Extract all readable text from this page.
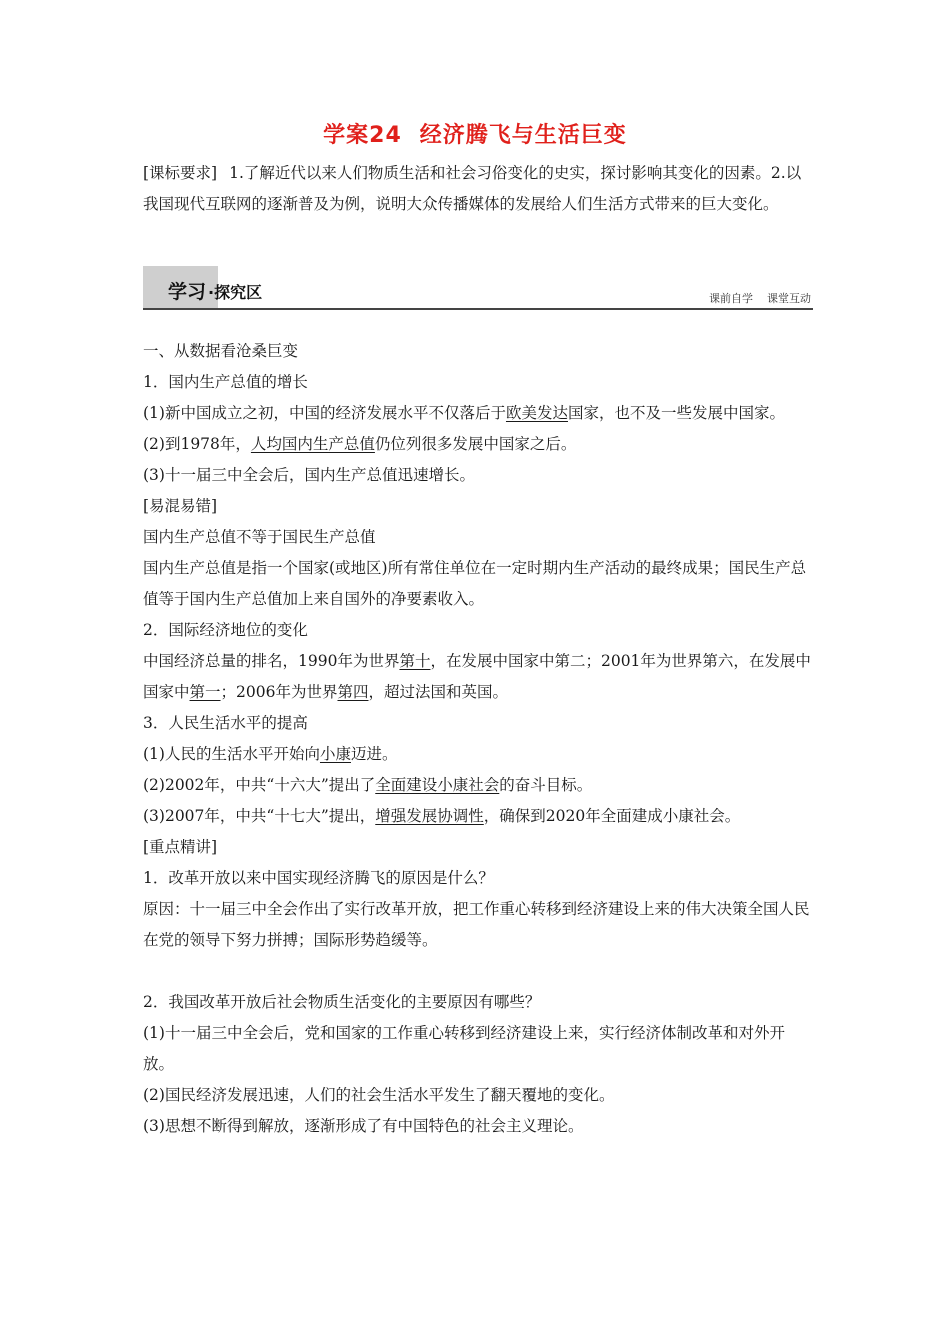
学案24 经济腾飞与生活巨变
[课标要求] 1.了解近代以来人们物质生活和社会习俗变化的史实，探讨影响其变化的因素。2.以我国现代互联网的逐渐普及为例，说明大众传播媒体的发展给人们生活方式带来的巨大变化。
学习 ·探究区	课前自学 课堂互动

一、从数据看沧桑巨变

1．国内生产总值的增长

(1)新中国成立之初，中国的经济发展水平不仅落后于欧美发达国家，也不及一些发展中国家。

(2)到1978年，人均国内生产总值仍位列很多发展中国家之后。

(3)十一届三中全会后，国内生产总值迅速增长。

[易混易错]

国内生产总值不等于国民生产总值

国内生产总值是指一个国家(或地区)所有常住单位在一定时期内生产活动的最终成果；国民生产总值等于国内生产总值加上来自国外的净要素收入。

2．国际经济地位的变化

中国经济总量的排名，1990年为世界第十，在发展中国家中第二；2001年为世界第六，在发展中国家中第一；2006年为世界第四，超过法国和英国。

3．人民生活水平的提高

(1)人民的生活水平开始向小康迈进。

(2)2002年，中共“十六大”提出了全面建设小康社会的奋斗目标。

(3)2007年，中共“十七大”提出，增强发展协调性，确保到2020年全面建成小康社会。

[重点精讲]

1．改革开放以来中国实现经济腾飞的原因是什么？

原因：十一届三中全会作出了实行改革开放，把工作重心转移到经济建设上来的伟大决策全国人民在党的领导下努力拼搏；国际形势趋缓等。

2．我国改革开放后社会物质生活变化的主要原因有哪些？

(1)十一届三中全会后，党和国家的工作重心转移到经济建设上来，实行经济体制改革和对外开放。

(2)国民经济发展迅速，人们的社会生活水平发生了翻天覆地的变化。

(3)思想不断得到解放，逐渐形成了有中国特色的社会主义理论。
